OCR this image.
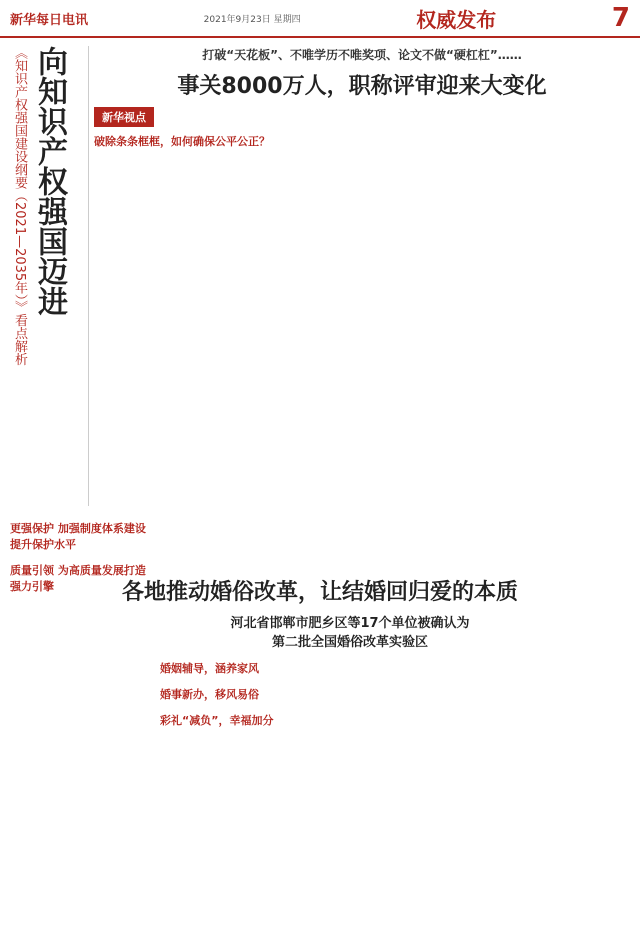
新华每日电讯	2021年9月23日 星期四	权威发布	7
向知识产权强国迈进
《知识产权强国建设纲要（2021—2035年）》看点解析	打破“天花板”、不唯学历不唯奖项、论文不做“硬杠杠”……
事关8000万人，职称评审迎来大变化
新华视点
破除条条框框，如何确保公平公正？
更强保护 加强制度体系建设提升保护水平
质量引领 为高质量发展打造强力引擎	各地推动婚俗改革，让结婚回归爱的本质
河北省邯郸市肥乡区等17个单位被确认为第二批全国婚俗改革实验区
婚姻辅导，涵养家风
婚事新办，移风易俗
彩礼“减负”，幸福加分
